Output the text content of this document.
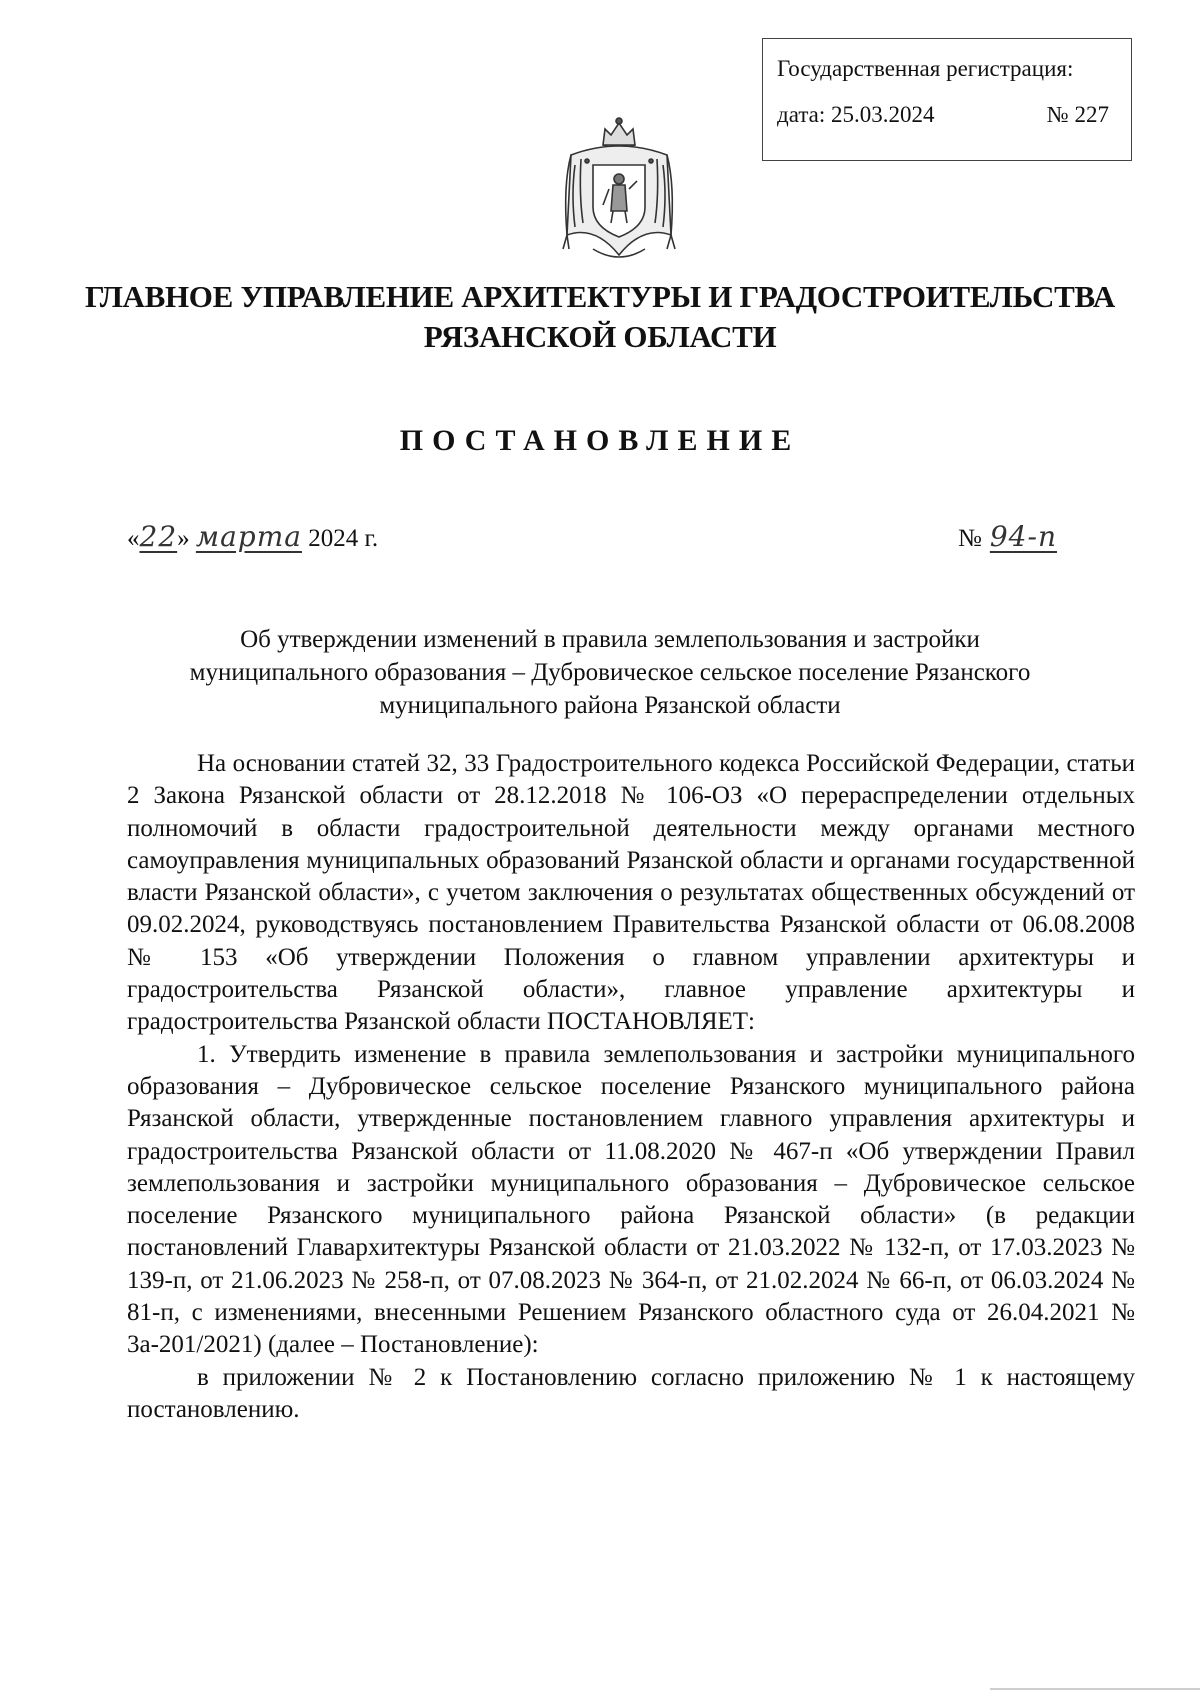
Государственная регистрация:
дата: 25.03.2024	№ 227
ГЛАВНОЕ УПРАВЛЕНИЕ АРХИТЕКТУРЫ И ГРАДОСТРОИТЕЛЬСТВА
РЯЗАНСКОЙ ОБЛАСТИ
ПОСТАНОВЛЕНИЕ
«22» марта 2024 г.	№ 94-п
Об утверждении изменений в правила землепользования и застройки
муниципального образования – Дубровическое сельское поселение Рязанского
муниципального района Рязанской области

На основании статей 32, 33 Градостроительного кодекса Российской Федерации, статьи 2 Закона Рязанской области от 28.12.2018 № 106-ОЗ «О перераспределении отдельных полномочий в области градостроительной деятельности между органами местного самоуправления муниципальных образований Рязанской области и органами государственной власти Рязанской области», с учетом заключения о результатах общественных обсуждений от 09.02.2024, руководствуясь постановлением Правительства Рязанской области от 06.08.2008 № 153 «Об утверждении Положения о главном управлении архитектуры и градостроительства Рязанской области», главное управление архитектуры и градостроительства Рязанской области ПОСТАНОВЛЯЕТ:

1. Утвердить изменение в правила землепользования и застройки муниципального образования – Дубровическое сельское поселение Рязанского муниципального района Рязанской области, утвержденные постановлением главного управления архитектуры и градостроительства Рязанской области от 11.08.2020 № 467-п «Об утверждении Правил землепользования и застройки муниципального образования – Дубровическое сельское поселение Рязанского муниципального района Рязанской области» (в редакции постановлений Главархитектуры Рязанской области от 21.03.2022 № 132-п, от 17.03.2023 № 139-п, от 21.06.2023 № 258-п, от 07.08.2023 № 364-п, от 21.02.2024 № 66-п, от 06.03.2024 № 81-п, с изменениями, внесенными Решением Рязанского областного суда от 26.04.2021 № 3а-201/2021) (далее – Постановление):

в приложении № 2 к Постановлению согласно приложению № 1 к настоящему постановлению.
